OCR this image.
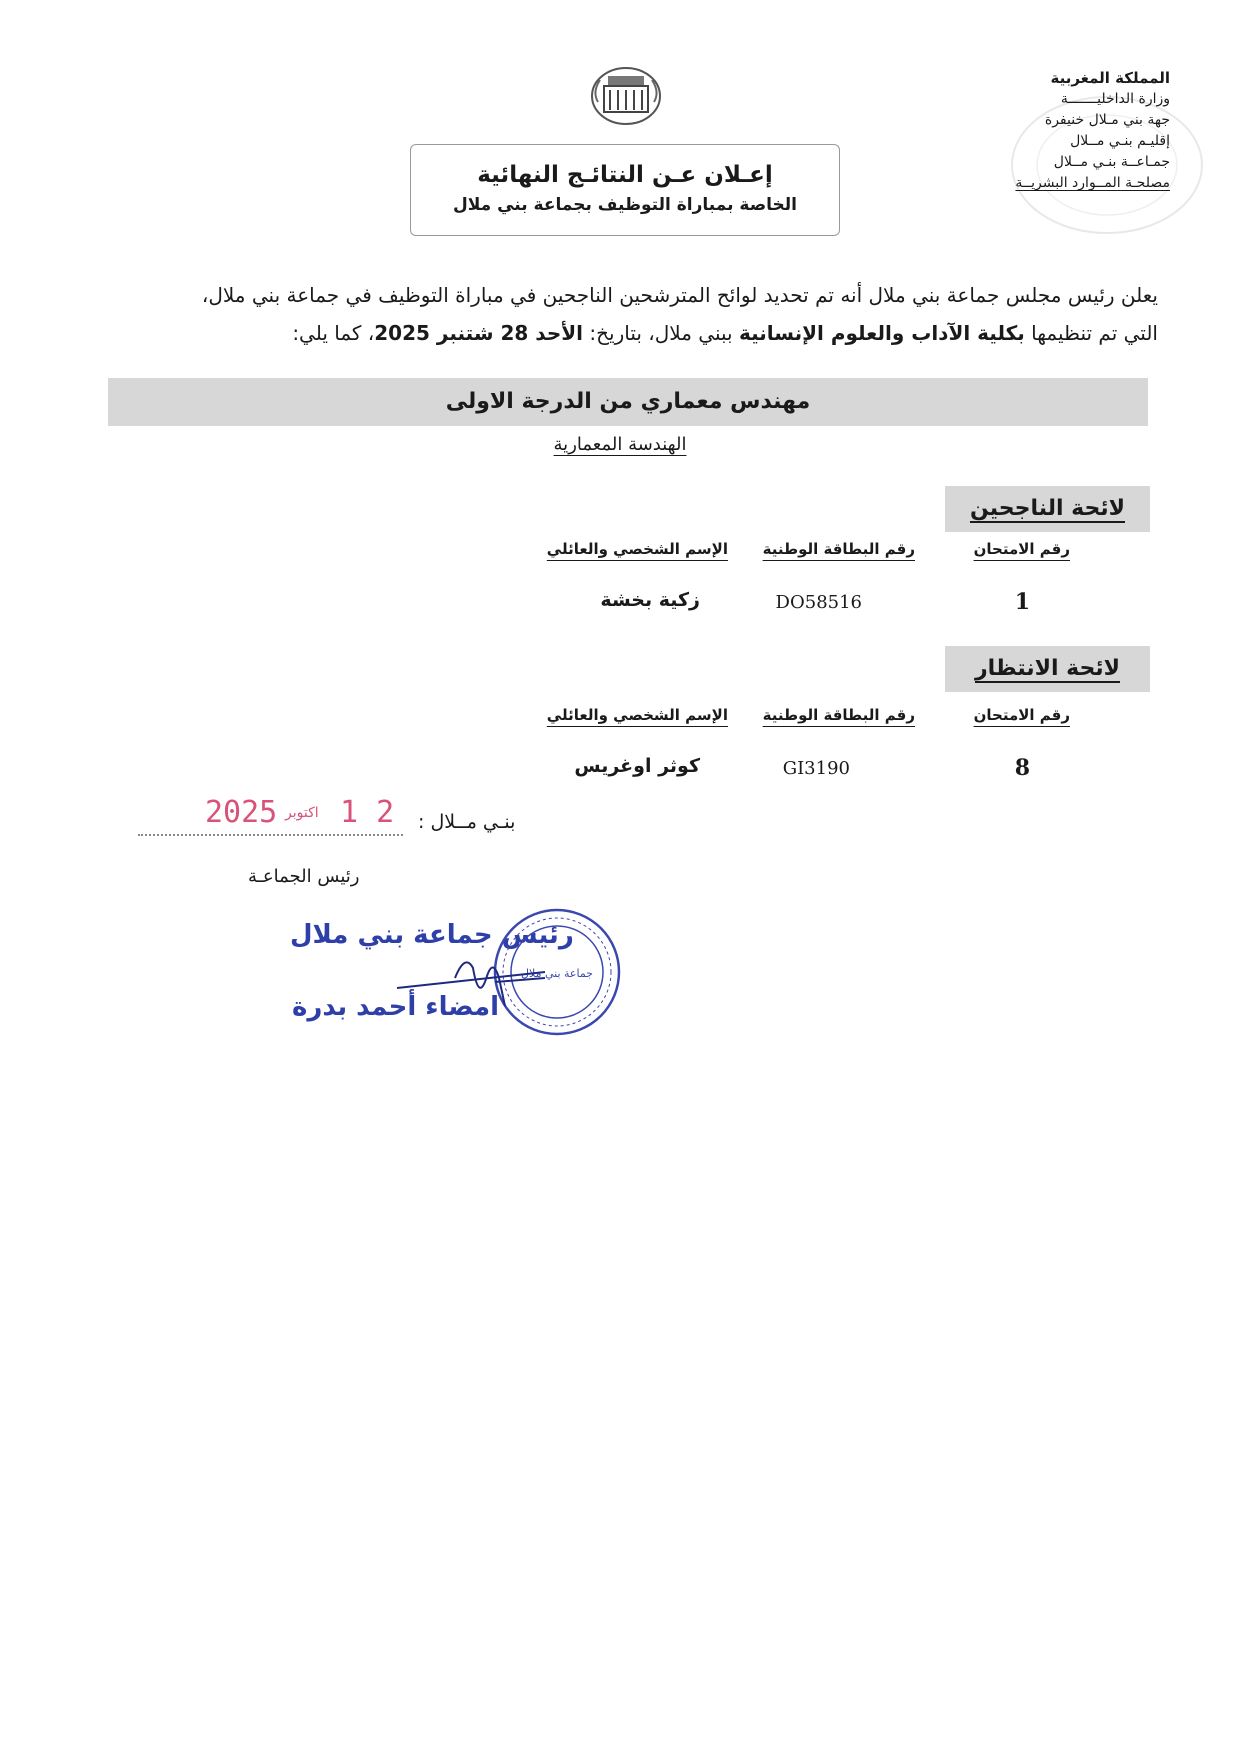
المملكة المغربية
وزارة الداخليـــــــة
جهة بني مـلال خنيفرة
إقليـم بنـي مــلال
جمـاعــة بنـي مــلال
مصلحـة المــوارد البشريــة
إعـلان عـن النتائـج النهائية
الخاصة بمباراة التوظيف بجماعة بني ملال
يعلن رئيس مجلس جماعة بني ملال أنه تم تحديد لوائح المترشحين الناجحين في مباراة التوظيف في جماعة بني ملال،
التي تم تنظيمها بكلية الآداب والعلوم الإنسانية ببني ملال، بتاريخ: الأحد 28 شتنبر 2025، كما يلي:
مهندس معماري من الدرجة الاولى
الهندسة المعمارية
لائحة الناجحين
رقم الامتحان
رقم البطاقة الوطنية
الإسم الشخصي والعائلي
1
DO58516
زكية بخشة
لائحة الانتظار
رقم الامتحان
رقم البطاقة الوطنية
الإسم الشخصي والعائلي
8
GI3190
كوثر اوغريس
بنـي مــلال :
2025 اكتوبر 1 2
رئيس الجماعـة
رئيس جماعة بني ملال
امضاء أحمد بدرة
جماعة بني ملال
